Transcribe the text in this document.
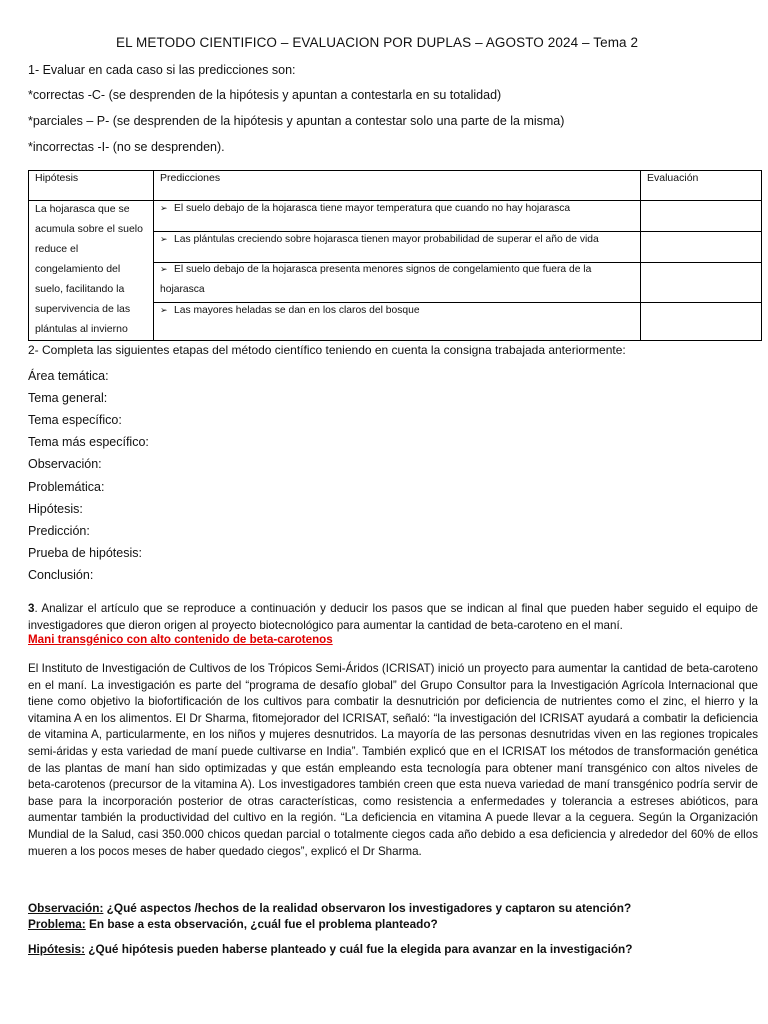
EL METODO CIENTIFICO – EVALUACION POR DUPLAS – AGOSTO 2024 – Tema 2
1- Evaluar en cada caso si las predicciones son:
*correctas -C- (se desprenden de la hipótesis y apuntan a contestarla en su totalidad)
*parciales – P- (se desprenden de la hipótesis y apuntan a contestar solo una parte de la misma)
*incorrectas -I- (no se desprenden).
Hipótesis	Predicciones	Evaluación
La hojarasca que se
acumula sobre el suelo
reduce el
congelamiento del
suelo, facilitando la
supervivencia de las
plántulas al invierno
➢ El suelo debajo de la hojarasca tiene mayor temperatura que cuando no hay hojarasca
➢ Las plántulas creciendo sobre hojarasca tienen mayor probabilidad de superar el año de vida
➢ El suelo debajo de la hojarasca presenta menores signos de congelamiento que fuera de la
hojarasca
➢ Las mayores heladas se dan en los claros del bosque
2- Completa las siguientes etapas del método científico teniendo en cuenta la consigna trabajada anteriormente:
Área temática:
Tema general:
Tema específico:
Tema más específico:
Observación:
Problemática:
Hipótesis:
Predicción:
Prueba de hipótesis:
Conclusión:
3. Analizar el artículo que se reproduce a continuación y deducir los pasos que se indican al final que pueden haber seguido el equipo de investigadores que dieron origen al proyecto biotecnológico para aumentar la cantidad de beta-caroteno en el maní.
Mani transgénico con alto contenido de beta-carotenos
El Instituto de Investigación de Cultivos de los Trópicos Semi-Áridos (ICRISAT) inició un proyecto para aumentar la cantidad de beta-caroteno en el maní. La investigación es parte del “programa de desafío global” del Grupo Consultor para la Investigación Agrícola Internacional que tiene como objetivo la biofortificación de los cultivos para combatir la desnutrición por deficiencia de nutrientes como el zinc, el hierro y la vitamina A en los alimentos. El Dr Sharma, fitomejorador del ICRISAT, señaló: “la investigación del ICRISAT ayudará a combatir la deficiencia de vitamina A, particularmente, en los niños y mujeres desnutridos. La mayoría de las personas desnutridas viven en las regiones tropicales semi-áridas y esta variedad de maní puede cultivarse en India”. También explicó que en el ICRISAT los métodos de transformación genética de las plantas de maní han sido optimizadas y que están empleando esta tecnología para obtener maní transgénico con altos niveles de beta-carotenos (precursor de la vitamina A). Los investigadores también creen que esta nueva variedad de maní transgénico podría servir de base para la incorporación posterior de otras características, como resistencia a enfermedades y tolerancia a estreses abióticos, para aumentar también la productividad del cultivo en la región. “La deficiencia en vitamina A puede llevar a la ceguera. Según la Organización Mundial de la Salud, casi 350.000 chicos quedan parcial o totalmente ciegos cada año debido a esa deficiencia y alrededor del 60% de ellos mueren a los pocos meses de haber quedado ciegos”, explicó el Dr Sharma.
Observación: ¿Qué aspectos /hechos de la realidad observaron los investigadores y captaron su atención?
Problema: En base a esta observación, ¿cuál fue el problema planteado?
Hipótesis: ¿Qué hipótesis pueden haberse planteado y cuál fue la elegida para avanzar en la investigación?
